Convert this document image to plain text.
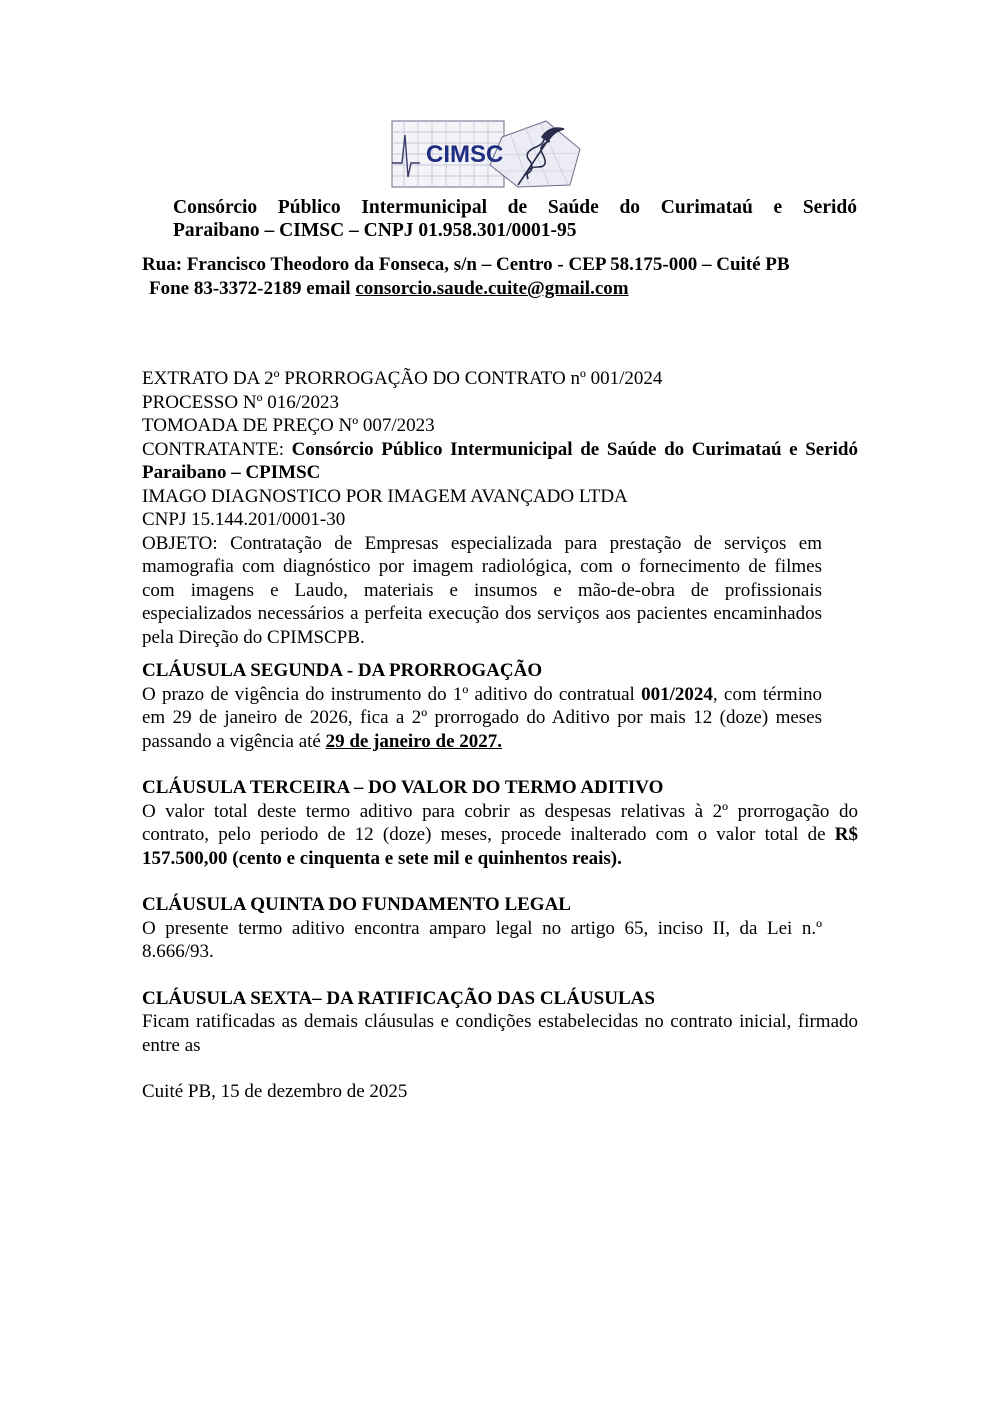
CIMSC
Consórcio Público Intermunicipal de Saúde do Curimataú e Seridó
Paraibano – CIMSC – CNPJ 01.958.301/0001-95
Rua: Francisco Theodoro da Fonseca, s/n – Centro - CEP 58.175-000 – Cuité PB
Fone 83-3372-2189 email consorcio.saude.cuite@gmail.com

EXTRATO DA 2º PRORROGAÇÃO DO CONTRATO nº 001/2024

PROCESSO Nº 016/2023

TOMOADA DE PREÇO Nº 007/2023

CONTRATANTE: Consórcio Público Intermunicipal de Saúde do Curimataú e Seridó Paraibano – CPIMSC

IMAGO DIAGNOSTICO POR IMAGEM AVANÇADO LTDA

CNPJ 15.144.201/0001-30

OBJETO: Contratação de Empresas especializada para prestação de serviços em mamografia com diagnóstico por imagem radiológica, com o fornecimento de filmes com imagens e Laudo, materiais e insumos e mão-de-obra de profissionais especializados necessários a perfeita execução dos serviços aos pacientes encaminhados pela Direção do CPIMSCPB.

CLÁUSULA SEGUNDA - DA PRORROGAÇÃO

O prazo de vigência do instrumento do 1º aditivo do contratual 001/2024, com término em 29 de janeiro de 2026, fica a 2º prorrogado do Aditivo por mais 12 (doze) meses passando a vigência até 29 de janeiro de 2027.

CLÁUSULA TERCEIRA – DO VALOR DO TERMO ADITIVO

O valor total deste termo aditivo para cobrir as despesas relativas à 2º prorrogação do contrato, pelo periodo de 12 (doze) meses, procede inalterado com o valor total de R$ 157.500,00 (cento e cinquenta e sete mil e quinhentos reais).

CLÁUSULA QUINTA DO FUNDAMENTO LEGAL

O presente termo aditivo encontra amparo legal no artigo 65, inciso II, da Lei n.º 8.666/93.

CLÁUSULA SEXTA– DA RATIFICAÇÃO DAS CLÁUSULAS

Ficam ratificadas as demais cláusulas e condições estabelecidas no contrato inicial, firmado entre as

Cuité PB, 15 de dezembro de 2025
